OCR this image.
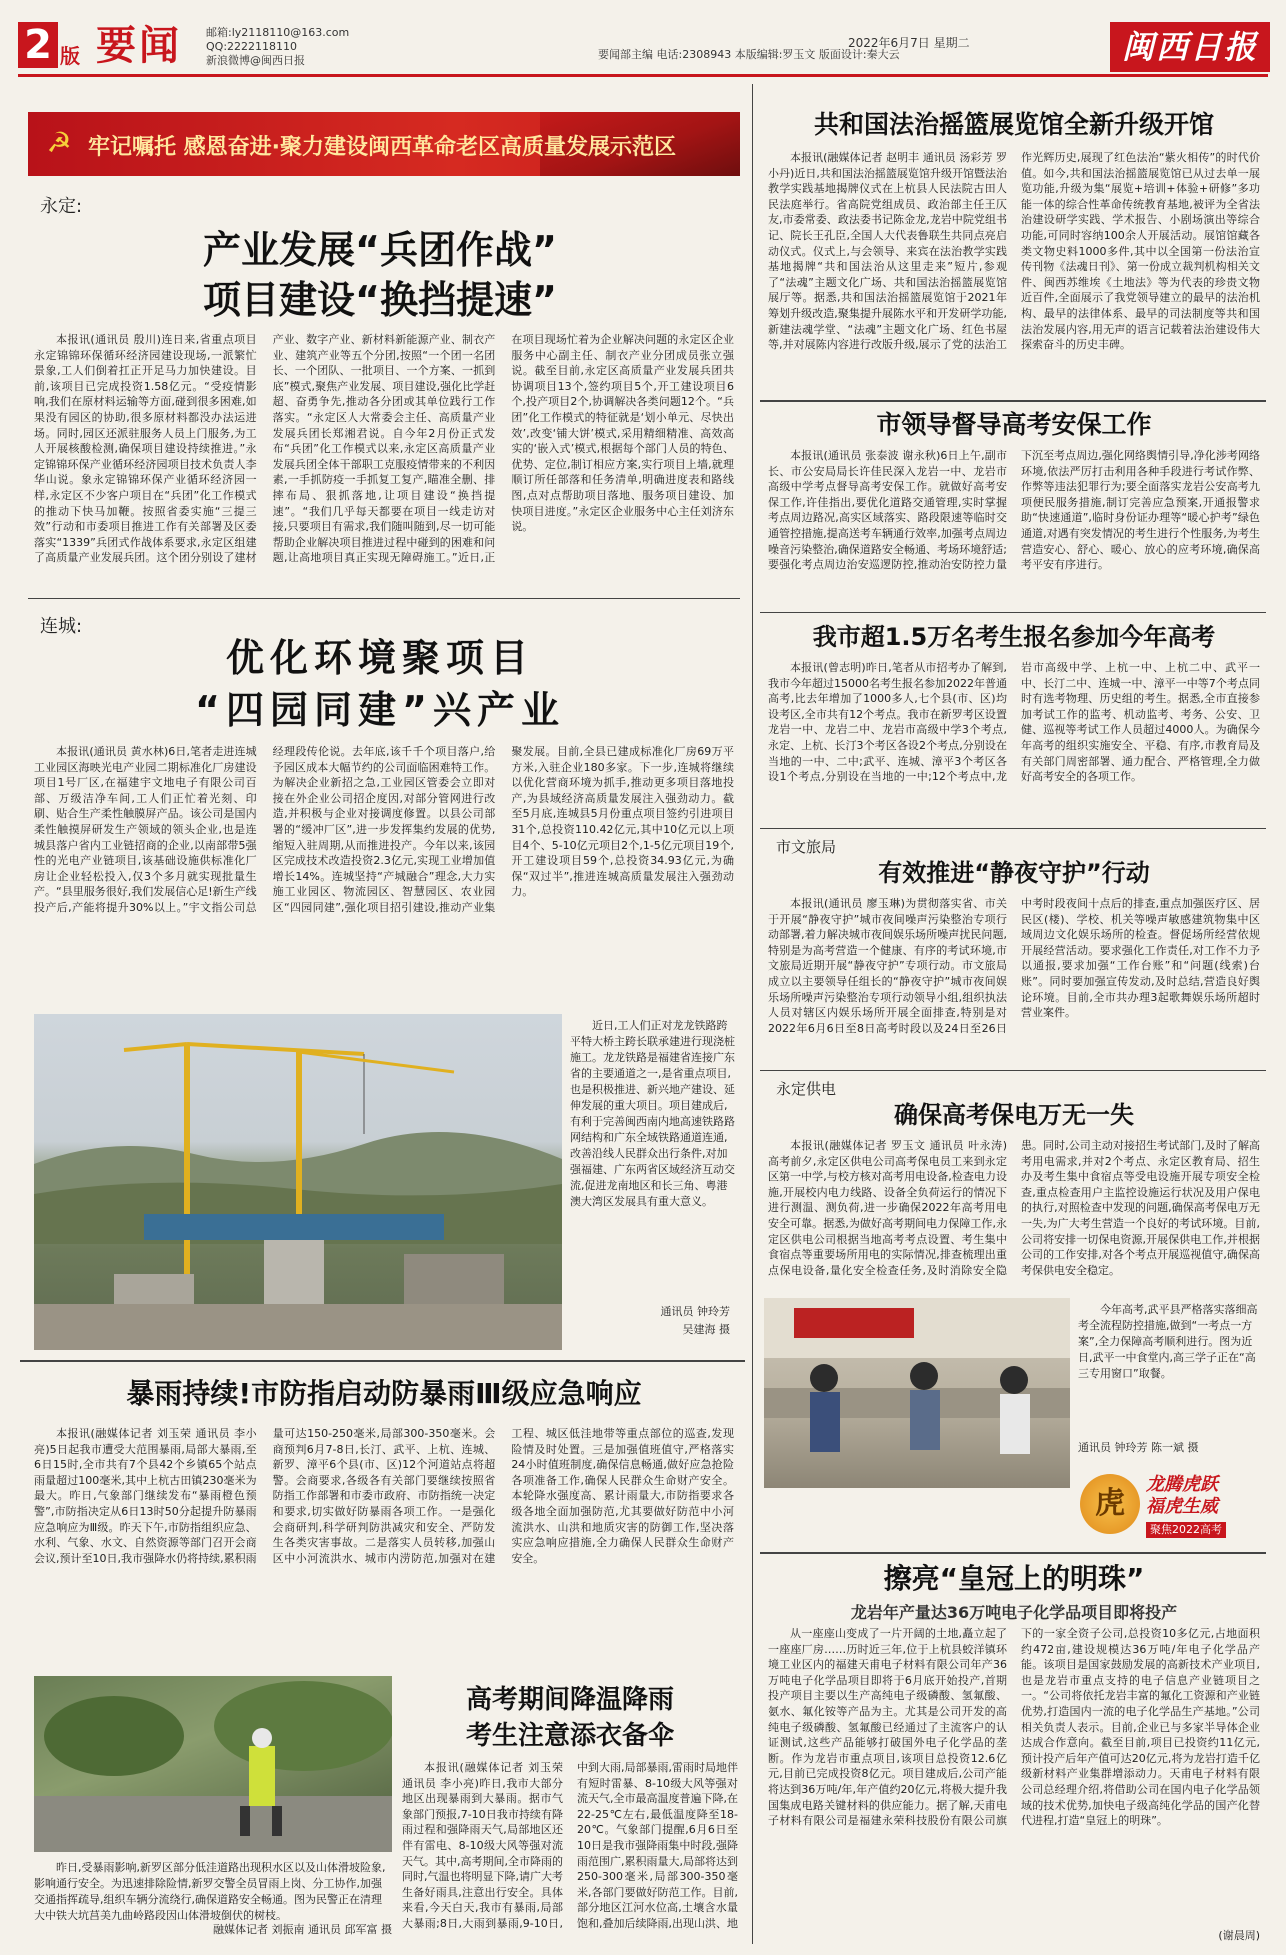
2 版 要闻 邮箱:ly2118110@163.com
QQ:2222118110
新浪微博@闽西日报
2022年6月7日 星期二
要闻部主编 电话:2308943 本版编辑:罗玉文 版面设计:秦大云	闽西日报
☭ 牢记嘱托 感恩奋进·聚力建设闽西革命老区高质量发展示范区
永定:
产业发展“兵团作战”
项目建设“换挡提速”
本报讯(通讯员 殷川)连日来,省重点项目永定锦锦环保循环经济园建设现场,一派繁忙景象,工人们倒着扛正开足马力加快建设。目前,该项目已完成投资1.58亿元。“受疫情影响,我们在原材料运输等方面,碰到很多困难,如果没有园区的协助,很多原材料都没办法运进场。同时,园区还派驻服务人员上门服务,为工人开展核酸检测,确保项目建设持续推进。”永定锦锦环保产业循环经济园项目技术负责人李华山说。象永定锦锦环保产业循环经济园一样,永定区不少客户项目在“兵团”化工作模式的推动下快马加鞭。按照省委实施“三提三效”行动和市委项目推进工作有关部署及区委落实“1339”兵团式作战体系要求,永定区组建了高质量产业发展兵团。这个团分别设了建材产业、数字产业、新材料新能源产业、制衣产业、建筑产业等五个分团,按照“一个团一名团长、一个团队、一批项目、一个方案、一抓到底”模式,聚焦产业发展、项目建设,强化比学赶超、奋勇争先,推动各分团或其单位践行工作落实。“永定区人大常委会主任、高质量产业发展兵团长郑湘君说。自今年2月份正式发布“兵团”化工作模式以来,永定区高质量产业发展兵团全体干部职工克服疫情带来的不利因素,一手抓防疫一手抓复工复产,瞄准全删、排摔布局、狠抓落地,让项目建设“换挡提速”。“我们几乎每天都要在项目一线走访对接,只要项目有需求,我们随叫随到,尽一切可能帮助企业解决项目推进过程中碰到的困难和问题,让高地项目真正实现无障碍施工。”近日,正在项目现场忙着为企业解决问题的永定区企业服务中心副主任、制衣产业分团成员张立强说。截至目前,永定区高质量产业发展兵团共协调项目13个,签约项目5个,开工建设项目6个,投产项目2个,协调解决各类问题12个。“兵团”化工作模式的特征就是‘划小单元、尽快出效’,改变‘铺大饼’模式,采用精细精准、高效高实的‘嵌入式’模式,根据每个部门人员的特色、优势、定位,制订相应方案,实行项目上墙,就理顺订所任部落和任务清单,明确进度表和路线图,点对点帮助项目落地、服务项目建设、加快项目进度。”永定区企业服务中心主任刘济东说。
连城:
优化环境聚项目
“四园同建”兴产业
本报讯(通讯员 黄水林)6日,笔者走进连城工业园区海映光电产业园二期标准化厂房建设项目1号厂区,在福建宇文地电子有限公司百部、万级洁净车间,工人们正忙着光刻、印刷、贴合生产柔性触膜屏产品。该公司是国内柔性触摸屏研发生产领域的领头企业,也是连城县落户省内工业链招商的企业,以南部带5强性的光电产业链项目,该基础设施供标准化厂房让企业轻松投入,仅3个多月就实现批量生产。“县里服务很好,我们发展信心足!新生产线投产后,产能将提升30%以上。”宇文指公司总经理段传伦说。去年底,该千千个项目落户,给予园区成本大幅节约的公司面临困难特工作。为解决企业新招之急,工业园区管委会立即对接在外企业公司招企度因,对部分管网进行改造,并积极与企业对接调度修置。以县公司部署的“缓冲厂区”,进一步发挥集约发展的优势,缩短入驻周期,从而推进投产。今年以来,该园区完成技术改造投资2.3亿元,实现工业增加值增长14%。连城坚持“产城融合”理念,大力实施工业园区、物流园区、智慧园区、农业园区“四园同建”,强化项目招引建设,推动产业集聚发展。目前,全县已建成标准化厂房69万平方米,入驻企业180多家。下一步,连城将继续以优化营商环境为抓手,推动更多项目落地投产,为县域经济高质量发展注入强劲动力。截至5月底,连城县5月份重点项目签约引进项目31个,总投资110.42亿元,其中10亿元以上项目4个、5-10亿元项目2个,1-5亿元项目19个,开工建设项目59个,总投资34.93亿元,为确保“双过半”,推进连城高质量发展注入强劲动力。
近日,工人们正对龙龙铁路跨平特大桥主跨长联承建进行现浇桩施工。龙龙铁路是福建省连接广东省的主要通道之一,是省重点项目,也是积极推进、新兴地产建设、延伸发展的重大项目。项目建成后,有利于完善闽西南内地高速铁路路网结构和广东全域铁路通道连通,改善沿线人民群众出行条件,对加强福建、广东两省区域经济互动交流,促进龙南地区和长三角、粤港澳大湾区发展具有重大意义。
通讯员 钟玲芳
吴建海 摄
暴雨持续!市防指启动防暴雨Ⅲ级应急响应
本报讯(融媒体记者 刘玉荣 通讯员 李小亮)5日起我市遭受大范围暴雨,局部大暴雨,至6日15时,全市共有7个县42个乡镇65个站点雨量超过100毫米,其中上杭古田镇230毫米为最大。昨日,气象部门继续发布“暴雨橙色预警”,市防指决定从6日13时50分起提升防暴雨应急响应为Ⅲ级。昨天下午,市防指组织应急、水利、气象、水文、自然资源等部门召开会商会议,预计至10日,我市强降水仍将持续,累积雨量可达150-250毫米,局部300-350毫米。会商预判6月7-8日,长汀、武平、上杭、连城、新罗、漳平6个县(市、区)12个河道站点将超警。会商要求,各级各有关部门要继续按照省防指工作部署和市委市政府、市防指统一决定和要求,切实做好防暴雨各项工作。一是强化会商研判,科学研判防洪减灾和安全、严防发生各类灾害事故。二是落实人员转移,加强山区中小河流洪水、城市内涝防范,加强对在建工程、城区低洼地带等重点部位的巡查,发现险情及时处置。三是加强值班值守,严格落实24小时值班制度,确保信息畅通,做好应急抢险各项准备工作,确保人民群众生命财产安全。本轮降水强度高、累计雨量大,市防指要求各级各地全面加强防范,尤其要做好防范中小河流洪水、山洪和地质灾害的防御工作,坚决落实应急响应措施,全力确保人民群众生命财产安全。
昨日,受暴雨影响,新罗区部分低洼道路出现积水区以及山体滑坡险象,影响通行安全。为迅速排除险情,新罗交警全员冒雨上岗、分工协作,加强交通指挥疏导,组织车辆分流绕行,确保道路安全畅通。图为民警正在清理大中铁大坑莒美九曲岭路段因山体滑坡倒伏的树枝。
融媒体记者 刘振南 通讯员 邱军富 摄
高考期间降温降雨
考生注意添衣备伞
本报讯(融媒体记者 刘玉荣 通讯员 李小亮)昨日,我市大部分地区出现暴雨到大暴雨。据市气象部门预报,7-10日我市持续有降雨过程和强降雨天气,局部地区还伴有雷电、8-10级大风等强对流天气。其中,高考期间,全市降雨的同时,气温也将明显下降,请广大考生备好雨具,注意出行安全。具体来看,今天白天,我市有暴雨,局部大暴雨;8日,大雨到暴雨,9-10日,中到大雨,局部暴雨,雷雨时局地伴有短时雷暴、8-10级大风等强对流天气,全市最高温度普遍下降,在22-25℃左右,最低温度降至18-20℃。气象部门提醒,6月6日至10日是我市强降雨集中时段,强降雨范围广,累积雨量大,局部将达到250-300毫米,局部300-350毫米,各部门要做好防范工作。目前,部分地区江河水位高,土壤含水量饱和,叠加后续降雨,出现山洪、地
共和国法治摇篮展览馆全新升级开馆
本报讯(融媒体记者 赵明丰 通讯员 汤彩芳 罗小丹)近日,共和国法治摇篮展览馆升级开馆暨法治教学实践基地揭牌仪式在上杭县人民法院古田人民法庭举行。省高院党组成员、政治部主任王仄友,市委常委、政法委书记陈金龙,龙岩中院党组书记、院长王孔臣,全国人大代表鲁联生共同点亮启动仪式。仪式上,与会领导、来宾在法治教学实践基地揭牌“共和国法治从这里走来”短片,参观了“法魂”主题文化广场、共和国法治摇篮展览馆展厅等。据悉,共和国法治摇篮展览馆于2021年筹划升级改造,聚集提升展陈水平和开发研学功能,新建法魂学堂、“法魂”主题文化广场、红色书屋等,并对展陈内容进行改版升级,展示了党的法治工作光辉历史,展现了红色法治“紫火相传”的时代价值。如今,共和国法治摇篮展览馆已从过去单一展览功能,升级为集“展览+培训+体验+研修”多功能一体的综合性革命传统教育基地,被评为全省法治建设研学实践、学术报告、小剧场演出等综合功能,可同时容纳100余人开展活动。展馆馆藏各类文物史料1000多件,其中以全国第一份法治宣传刊物《法魂日刊》、第一份成立裁判机构相关文件、闽西苏维埃《土地法》等为代表的珍贵文物近百件,全面展示了我党领导建立的最早的法治机构、最早的法律体系、最早的司法制度等共和国法治发展内容,用无声的语言记载着法治建设伟大探索奋斗的历史丰碑。
市领导督导高考安保工作
本报讯(通讯员 张泰波 谢永秋)6日上午,副市长、市公安局局长许佳民深入龙岩一中、龙岩市高级中学考点督导高考安保工作。就做好高考安保工作,许佳指出,要优化道路交通管理,实时掌握考点周边路况,高实区域落实、路段限速等临时交通管控措施,提高送考车辆通行效率,加强考点周边噪音污染整治,确保道路安全畅通、考场环境舒适;要强化考点周边治安巡逻防控,推动治安防控力量下沉至考点周边,强化网络舆情引导,净化涉考网络环境,依法严厉打击利用各种手段进行考试作弊、作弊等违法犯罪行为;要全面落实龙岩公安高考九项便民服务措施,制订完善应急预案,开通报警求助“快速通道”,临时身份证办理等“暖心护考”绿色通道,对遇有突发情况的考生进行个性服务,为考生营造安心、舒心、暖心、放心的应考环境,确保高考平安有序进行。
我市超1.5万名考生报名参加今年高考
本报讯(曾志明)昨日,笔者从市招考办了解到,我市今年超过15000名考生报名参加2022年普通高考,比去年增加了1000多人,七个县(市、区)均设考区,全市共有12个考点。我市在新罗考区设置龙岩一中、龙岩二中、龙岩市高级中学3个考点,永定、上杭、长汀3个考区各设2个考点,分别设在当地的一中、二中;武平、连城、漳平3个考区各设1个考点,分别设在当地的一中;12个考点中,龙岩市高级中学、上杭一中、上杭二中、武平一中、长汀二中、连城一中、漳平一中等7个考点同时有选考物理、历史组的考生。据悉,全市直接参加考试工作的监考、机动监考、考务、公安、卫健、巡视等考试工作人员超过4000人。为确保今年高考的组织实施安全、平稳、有序,市教育局及有关部门周密部署、通力配合、严格管理,全力做好高考安全的各项工作。
市文旅局
有效推进“静夜守护”行动
本报讯(通讯员 廖玉琳)为贯彻落实省、市关于开展“静夜守护”城市夜间噪声污染整治专项行动部署,着力解决城市夜间娱乐场所噪声扰民问题,特别是为高考营造一个健康、有序的考试环境,市文旅局近期开展“静夜守护”专项行动。市文旅局成立以主要领导任组长的“静夜守护”城市夜间娱乐场所噪声污染整治专项行动领导小组,组织执法人员对辖区内娱乐场所开展全面排查,特别是对2022年6月6日至8日高考时段以及24日至26日中考时段夜间十点后的排查,重点加强医疗区、居民区(楼)、学校、机关等噪声敏感建筑物集中区域周边文化娱乐场所的检查。督促场所经营依规开展经营活动。要求强化工作责任,对工作不力予以通报,要求加强“工作台账”和“问题(线索)台账”。同时要加强宣传发动,及时总结,营造良好舆论环境。目前,全市共办理3起歌舞娱乐场所超时营业案件。
永定供电
确保高考保电万无一失
本报讯(融媒体记者 罗玉文 通讯员 叶永涛)高考前夕,永定区供电公司高考保电员工来到永定区第一中学,与校方核对高考用电设备,检查电力设施,开展校内电力线路、设备全负荷运行的情况下进行测温、测负荷,进一步确保2022年高考用电安全可靠。据悉,为做好高考期间电力保障工作,永定区供电公司根据当地高考考点设置、考生集中食宿点等重要场所用电的实际情况,排查梳理出重点保电设备,量化安全检查任务,及时消除安全隐患。同时,公司主动对接招生考试部门,及时了解高考用电需求,并对2个考点、永定区教育局、招生办及考生集中食宿点等受电设施开展专项安全检查,重点检查用户主监控设施运行状况及用户保电的执行,对照检查中发现的问题,确保高考保电万无一失,为广大考生营造一个良好的考试环境。目前,公司将安排一切保电资源,开展保供电工作,并根据公司的工作安排,对各个考点开展巡视值守,确保高考保供电安全稳定。
今年高考,武平县严格落实落细高考全流程防控措施,做到“一考点一方案”,全力保障高考顺利进行。图为近日,武平一中食堂内,高三学子正在“高三专用窗口”取餐。
通讯员 钟玲芳 陈一斌 摄
虎
龙腾虎跃
福虎生威
聚焦2022高考
擦亮“皇冠上的明珠”
龙岩年产量达36万吨电子化学品项目即将投产
从一座座山变成了一片开阔的土地,矗立起了一座座厂房……历时近三年,位于上杭县蛟洋镇环境工业区内的福建天甫电子材料有限公司年产36万吨电子化学品项目即将于6月底开始投产,首期投产项目主要以生产高纯电子级磷酸、氢氟酸、氨水、氟化铵等产品为主。尤其是公司开发的高纯电子级磷酸、氢氟酸已经通过了主流客户的认证测试,这些产品能够打破国外电子化学品的垄断。作为龙岩市重点项目,该项目总投资12.6亿元,目前已完成投资8亿元。项目建成后,公司产能将达到36万吨/年,年产值约20亿元,将极大提升我国集成电路关键材料的供应能力。据了解,天甫电子材料有限公司是福建永荣科技股份有限公司旗下的一家全资子公司,总投资10多亿元,占地面积约472亩,建设规模达36万吨/年电子化学品产能。该项目是国家鼓励发展的高新技术产业项目,也是龙岩市重点支持的电子信息产业链项目之一。“公司将依托龙岩丰富的氟化工资源和产业链优势,打造国内一流的电子化学品生产基地。”公司相关负责人表示。目前,企业已与多家半导体企业达成合作意向。截至目前,项目已投资约11亿元,预计投产后年产值可达20亿元,将为龙岩打造千亿级新材料产业集群增添动力。天甫电子材料有限公司总经理介绍,将借助公司在国内电子化学品领域的技术优势,加快电子级高纯化学品的国产化替代进程,打造“皇冠上的明珠”。
(谢晨周)
